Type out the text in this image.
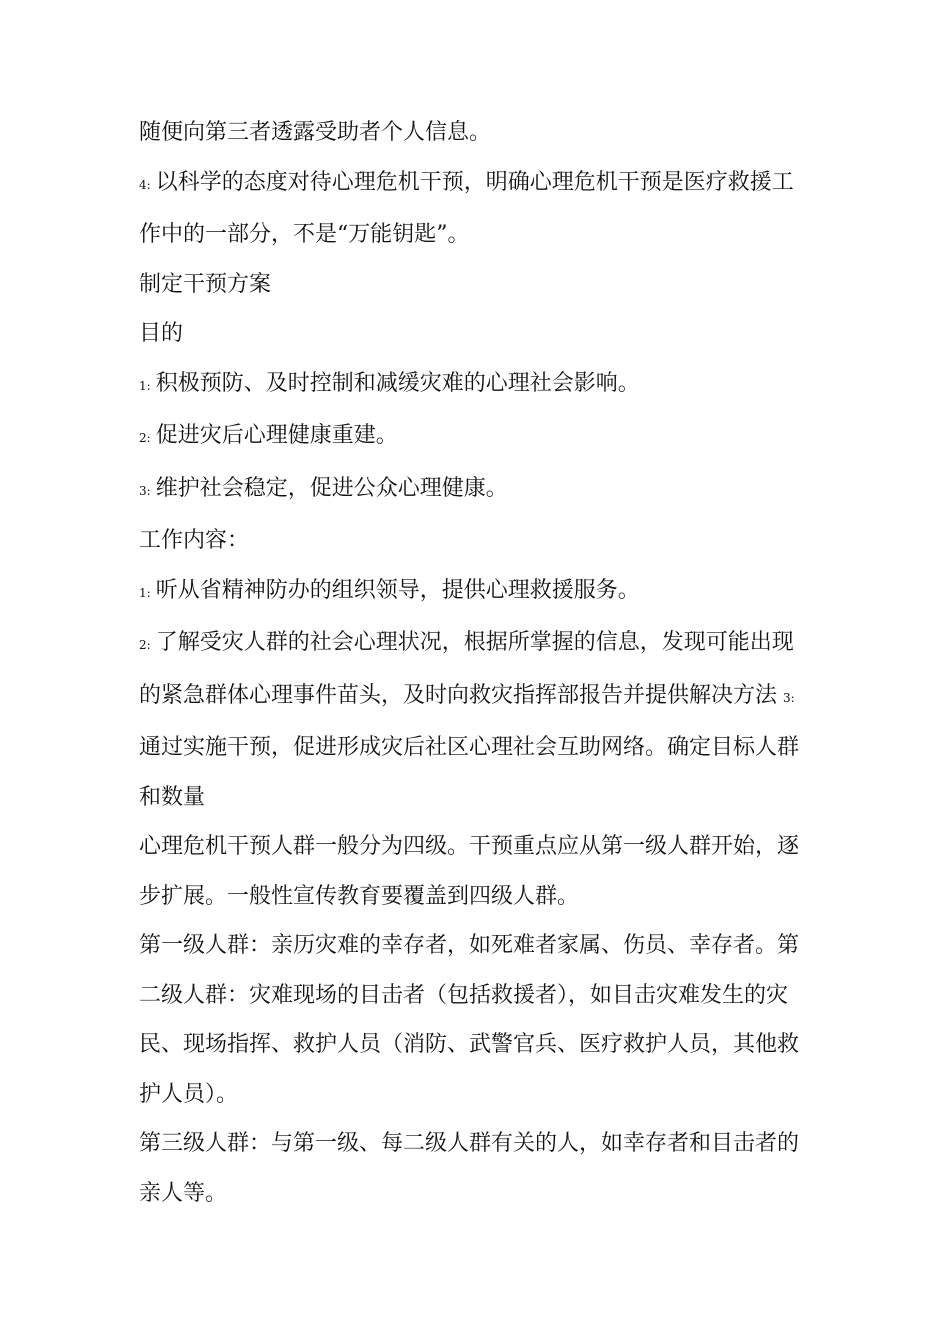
随便向第三者透露受助者个人信息。

4: 以科学的态度对待心理危机干预，明确心理危机干预是医疗救援工作中的一部分，不是“万能钥匙”。

制定干预方案

目的

1: 积极预防、及时控制和减缓灾难的心理社会影响。

2: 促进灾后心理健康重建。

3: 维护社会稳定，促进公众心理健康。

工作内容：

1: 听从省精神防办的组织领导，提供心理救援服务。

2: 了解受灾人群的社会心理状况，根据所掌握的信息，发现可能出现的紧急群体心理事件苗头，及时向救灾指挥部报告并提供解决方法 3:通过实施干预，促进形成灾后社区心理社会互助网络。确定目标人群和数量

心理危机干预人群一般分为四级。干预重点应从第一级人群开始，逐步扩展。一般性宣传教育要覆盖到四级人群。

第一级人群：亲历灾难的幸存者，如死难者家属、伤员、幸存者。第二级人群：灾难现场的目击者（包括救援者），如目击灾难发生的灾民、现场指挥、救护人员（消防、武警官兵、医疗救护人员，其他救护人员）。

第三级人群：与第一级、每二级人群有关的人，如幸存者和目击者的亲人等。
